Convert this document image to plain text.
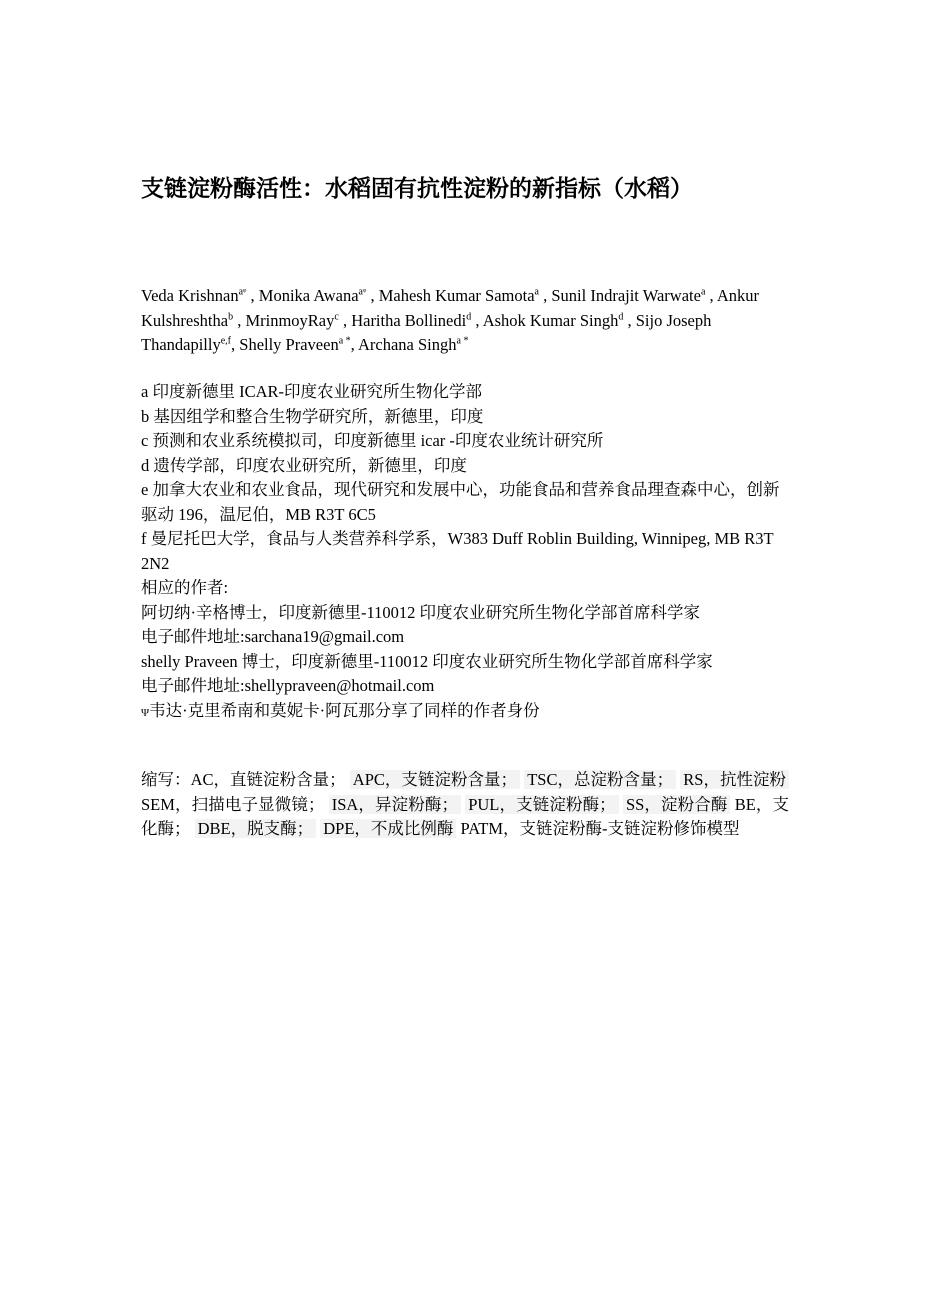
支链淀粉酶活性：水稻固有抗性淀粉的新指标（水稻）
Veda Krishnan$^{aᵠ}$ , Monika Awana$^{aᵠ}$ , Mahesh Kumar Samota$^a$ , Sunil Indrajit Warwate$^a$ , Ankur Kulshreshtha$^b$ , MrinmoyRay$^c$ , Haritha Bollinedi$^d$ , Ashok Kumar Singh$^d$ , Sijo Joseph Thandapilly$^{e,f}$, Shelly Praveen$^{a *}$, Archana Singh$^{a *}$
a 印度新德里 ICAR-印度农业研究所生物化学部
b 基因组学和整合生物学研究所，新德里，印度
c 预测和农业系统模拟司，印度新德里 icar -印度农业统计研究所
d 遗传学部，印度农业研究所，新德里，印度
e 加拿大农业和农业食品，现代研究和发展中心，功能食品和营养食品理查森中心，创新驱动 196，温尼伯，MB R3T 6C5
f 曼尼托巴大学，食品与人类营养科学系，W383 Duff Roblin Building, Winnipeg, MB R3T 2N2
相应的作者:
阿切纳·辛格博士，印度新德里-110012 印度农业研究所生物化学部首席科学家
电子邮件地址:sarchana19@gmail.com
shelly Praveen 博士，印度新德里-110012 印度农业研究所生物化学部首席科学家
电子邮件地址:shellypraveen@hotmail.com
Ψ韦达·克里希南和莫妮卡·阿瓦那分享了同样的作者身份
缩写：AC，直链淀粉含量； APC，支链淀粉含量； TSC，总淀粉含量； RS，抗性淀粉 SEM，扫描电子显微镜； ISA，异淀粉酶； PUL，支链淀粉酶； SS，淀粉合酶 BE，支化酶； DBE，脱支酶； DPE，不成比例酶 PATM，支链淀粉酶-支链淀粉修饰模型
